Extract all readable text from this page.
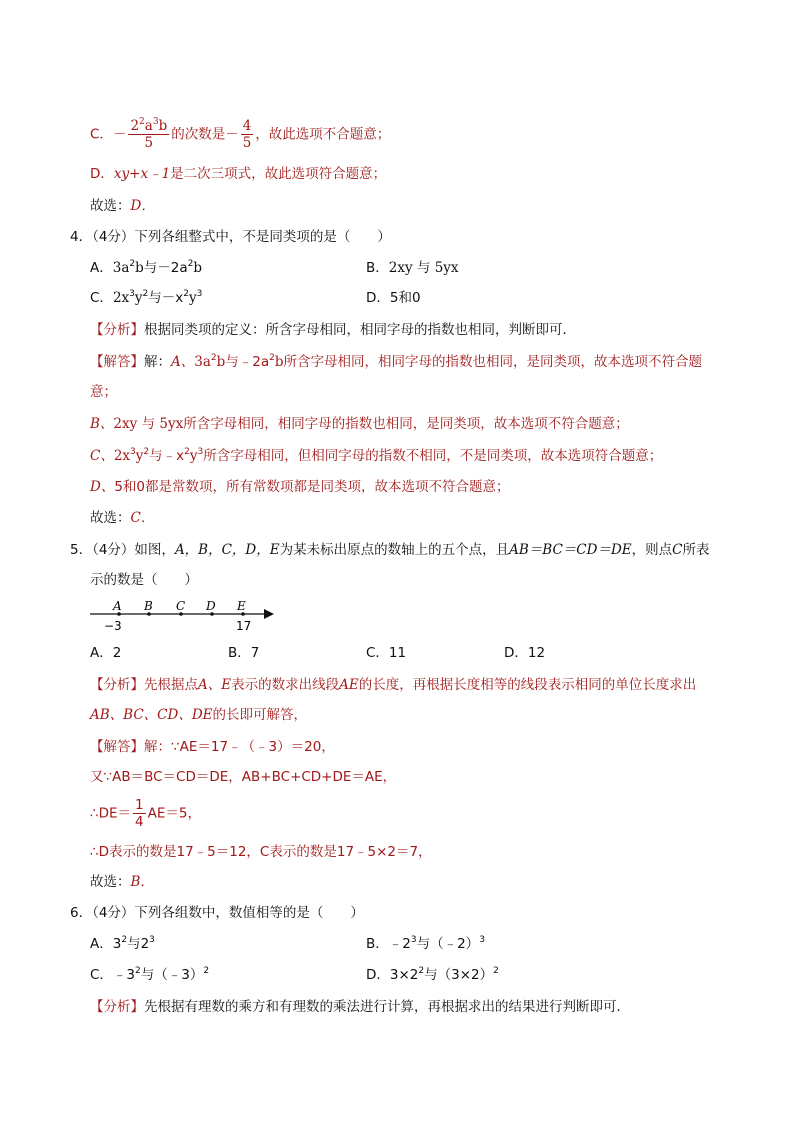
C．－ $\frac{2^2a^3b}{5}$ 的次数是－ $\frac{4}{5}$ ，故此选项不合题意；
D．xy+x﹣1是二次三项式，故此选项符合题意；
故选：D．
4．（4分）下列各组整式中，不是同类项的是（　　）
A．$3a^2b$与$-2a^2b$	B．2xy 与 5yx
C．$2x^3y^2$与$-x^2y^3$	D．5和0
【分析】根据同类项的定义：所含字母相同，相同字母的指数也相同，判断即可．
【解答】解：A、$3a^2b$与$﹣2a^2b$所含字母相同，相同字母的指数也相同，是同类项，故本选项不符合题
意；
B、2xy 与 5yx所含字母相同，相同字母的指数也相同，是同类项，故本选项不符合题意；
C、$2x^3y^2$与$﹣x^2y^3$所含字母相同，但相同字母的指数不相同，不是同类项，故本选项符合题意；
D、5和0都是常数项，所有常数项都是同类项，故本选项不符合题意；
故选：C．
5．（4分）如图，A，B，C，D，E为某未标出原点的数轴上的五个点，且AB＝BC＝CD＝DE，则点C所表
示的数是（　　）
A B C D E
−3	17
A．2	B．7	C．11	D．12
【分析】先根据点A、E表示的数求出线段AE的长度，再根据长度相等的线段表示相同的单位长度求出
AB、BC、CD、DE的长即可解答，
【解答】解：∵AE＝17﹣（﹣3）＝20，
又∵AB＝BC＝CD＝DE，AB+BC+CD+DE＝AE，
∴DE＝ $\frac{1}{4} AE=5$，
∴D表示的数是17﹣5＝12，C表示的数是17﹣5×2＝7，
故选：B．
6．（4分）下列各组数中，数值相等的是（　　）
A．$3^2$与$2^3$	B．$﹣2^3$与（﹣2）$^3$
C．$﹣3^2$与（﹣3）$^2$	D．$3\times 2^2$与$(3\times 2)^2$
【分析】先根据有理数的乘方和有理数的乘法进行计算，再根据求出的结果进行判断即可．
